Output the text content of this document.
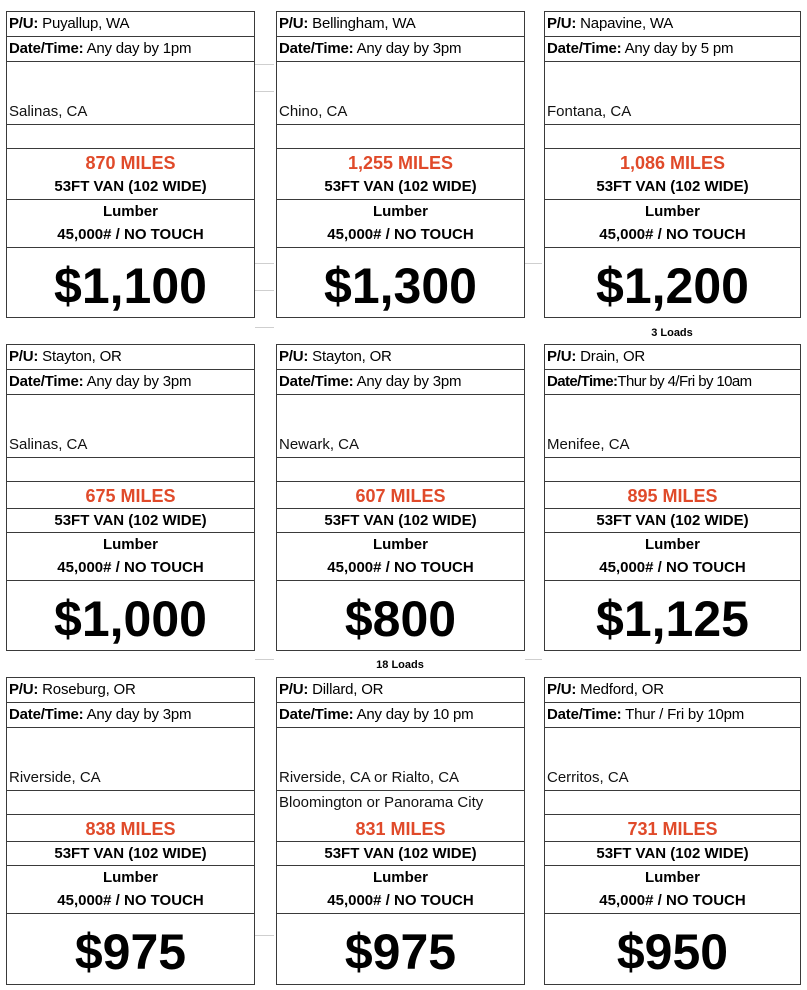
P/U: Puyallup, WA
Date/Time: Any day by 1pm
Salinas, CA
870 MILES
53FT VAN (102 WIDE)
Lumber
45,000# / NO TOUCH
$1,100
P/U: Bellingham, WA
Date/Time: Any day by 3pm
Chino, CA
1,255 MILES
53FT VAN (102 WIDE)
Lumber
45,000# / NO TOUCH
$1,300
P/U: Napavine, WA
Date/Time: Any day by 5 pm
Fontana, CA
1,086 MILES
53FT VAN (102 WIDE)
Lumber
45,000# / NO TOUCH
$1,200
3 Loads
P/U: Stayton, OR
Date/Time: Any day by 3pm
Salinas, CA
675 MILES
53FT VAN (102 WIDE)
Lumber
45,000# / NO TOUCH
$1,000
P/U: Stayton, OR
Date/Time: Any day by 3pm
Newark, CA
607 MILES
53FT VAN (102 WIDE)
Lumber
45,000# / NO TOUCH
$800
P/U: Drain, OR
Date/Time:Thur by 4/Fri by 10am
Menifee, CA
895 MILES
53FT VAN (102 WIDE)
Lumber
45,000# / NO TOUCH
$1,125
18 Loads
P/U: Roseburg, OR
Date/Time: Any day by 3pm
Riverside, CA
838 MILES
53FT VAN (102 WIDE)
Lumber
45,000# / NO TOUCH
$975
P/U: Dillard, OR
Date/Time: Any day by 10 pm
Riverside, CA or Rialto, CA
Bloomington or Panorama City
831 MILES
53FT VAN (102 WIDE)
Lumber
45,000# / NO TOUCH
$975
P/U: Medford, OR
Date/Time: Thur / Fri by 10pm
Cerritos, CA
731 MILES
53FT VAN (102 WIDE)
Lumber
45,000# / NO TOUCH
$950
